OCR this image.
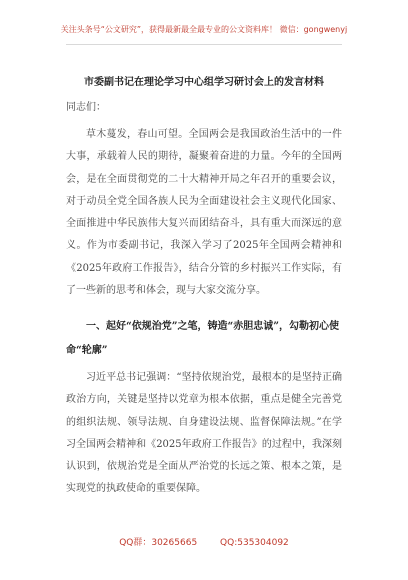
关注头条号“公文研究”，获得最新最全最专业的公文资料库！ 微信：gongwenyj
市委副书记在理论学习中心组学习研讨会上的发言材料
同志们：

草木蔓发，春山可望。全国两会是我国政治生活中的一件大事，承载着人民的期待，凝聚着奋进的力量。今年的全国两会，是在全面贯彻党的二十大精神开局之年召开的重要会议，对于动员全党全国各族人民为全面建设社会主义现代化国家、全面推进中华民族伟大复兴而团结奋斗，具有重大而深远的意义。作为市委副书记，我深入学习了2025年全国两会精神和《2025年政府工作报告》，结合分管的乡村振兴工作实际，有了一些新的思考和体会，现与大家交流分享。

一、起好“依规治党”之笔，铸造“赤胆忠诚”，勾勒初心使命“轮廓”

习近平总书记强调：“坚持依规治党，最根本的是坚持正确政治方向，关键是坚持以党章为根本依据，重点是健全完善党的组织法规、领导法规、自身建设法规、监督保障法规。”在学习全国两会精神和《2025年政府工作报告》的过程中，我深刻认识到，依规治党是全面从严治党的长远之策、根本之策，是实现党的执政使命的重要保障。

QQ群：30265665	QQ:535304092
